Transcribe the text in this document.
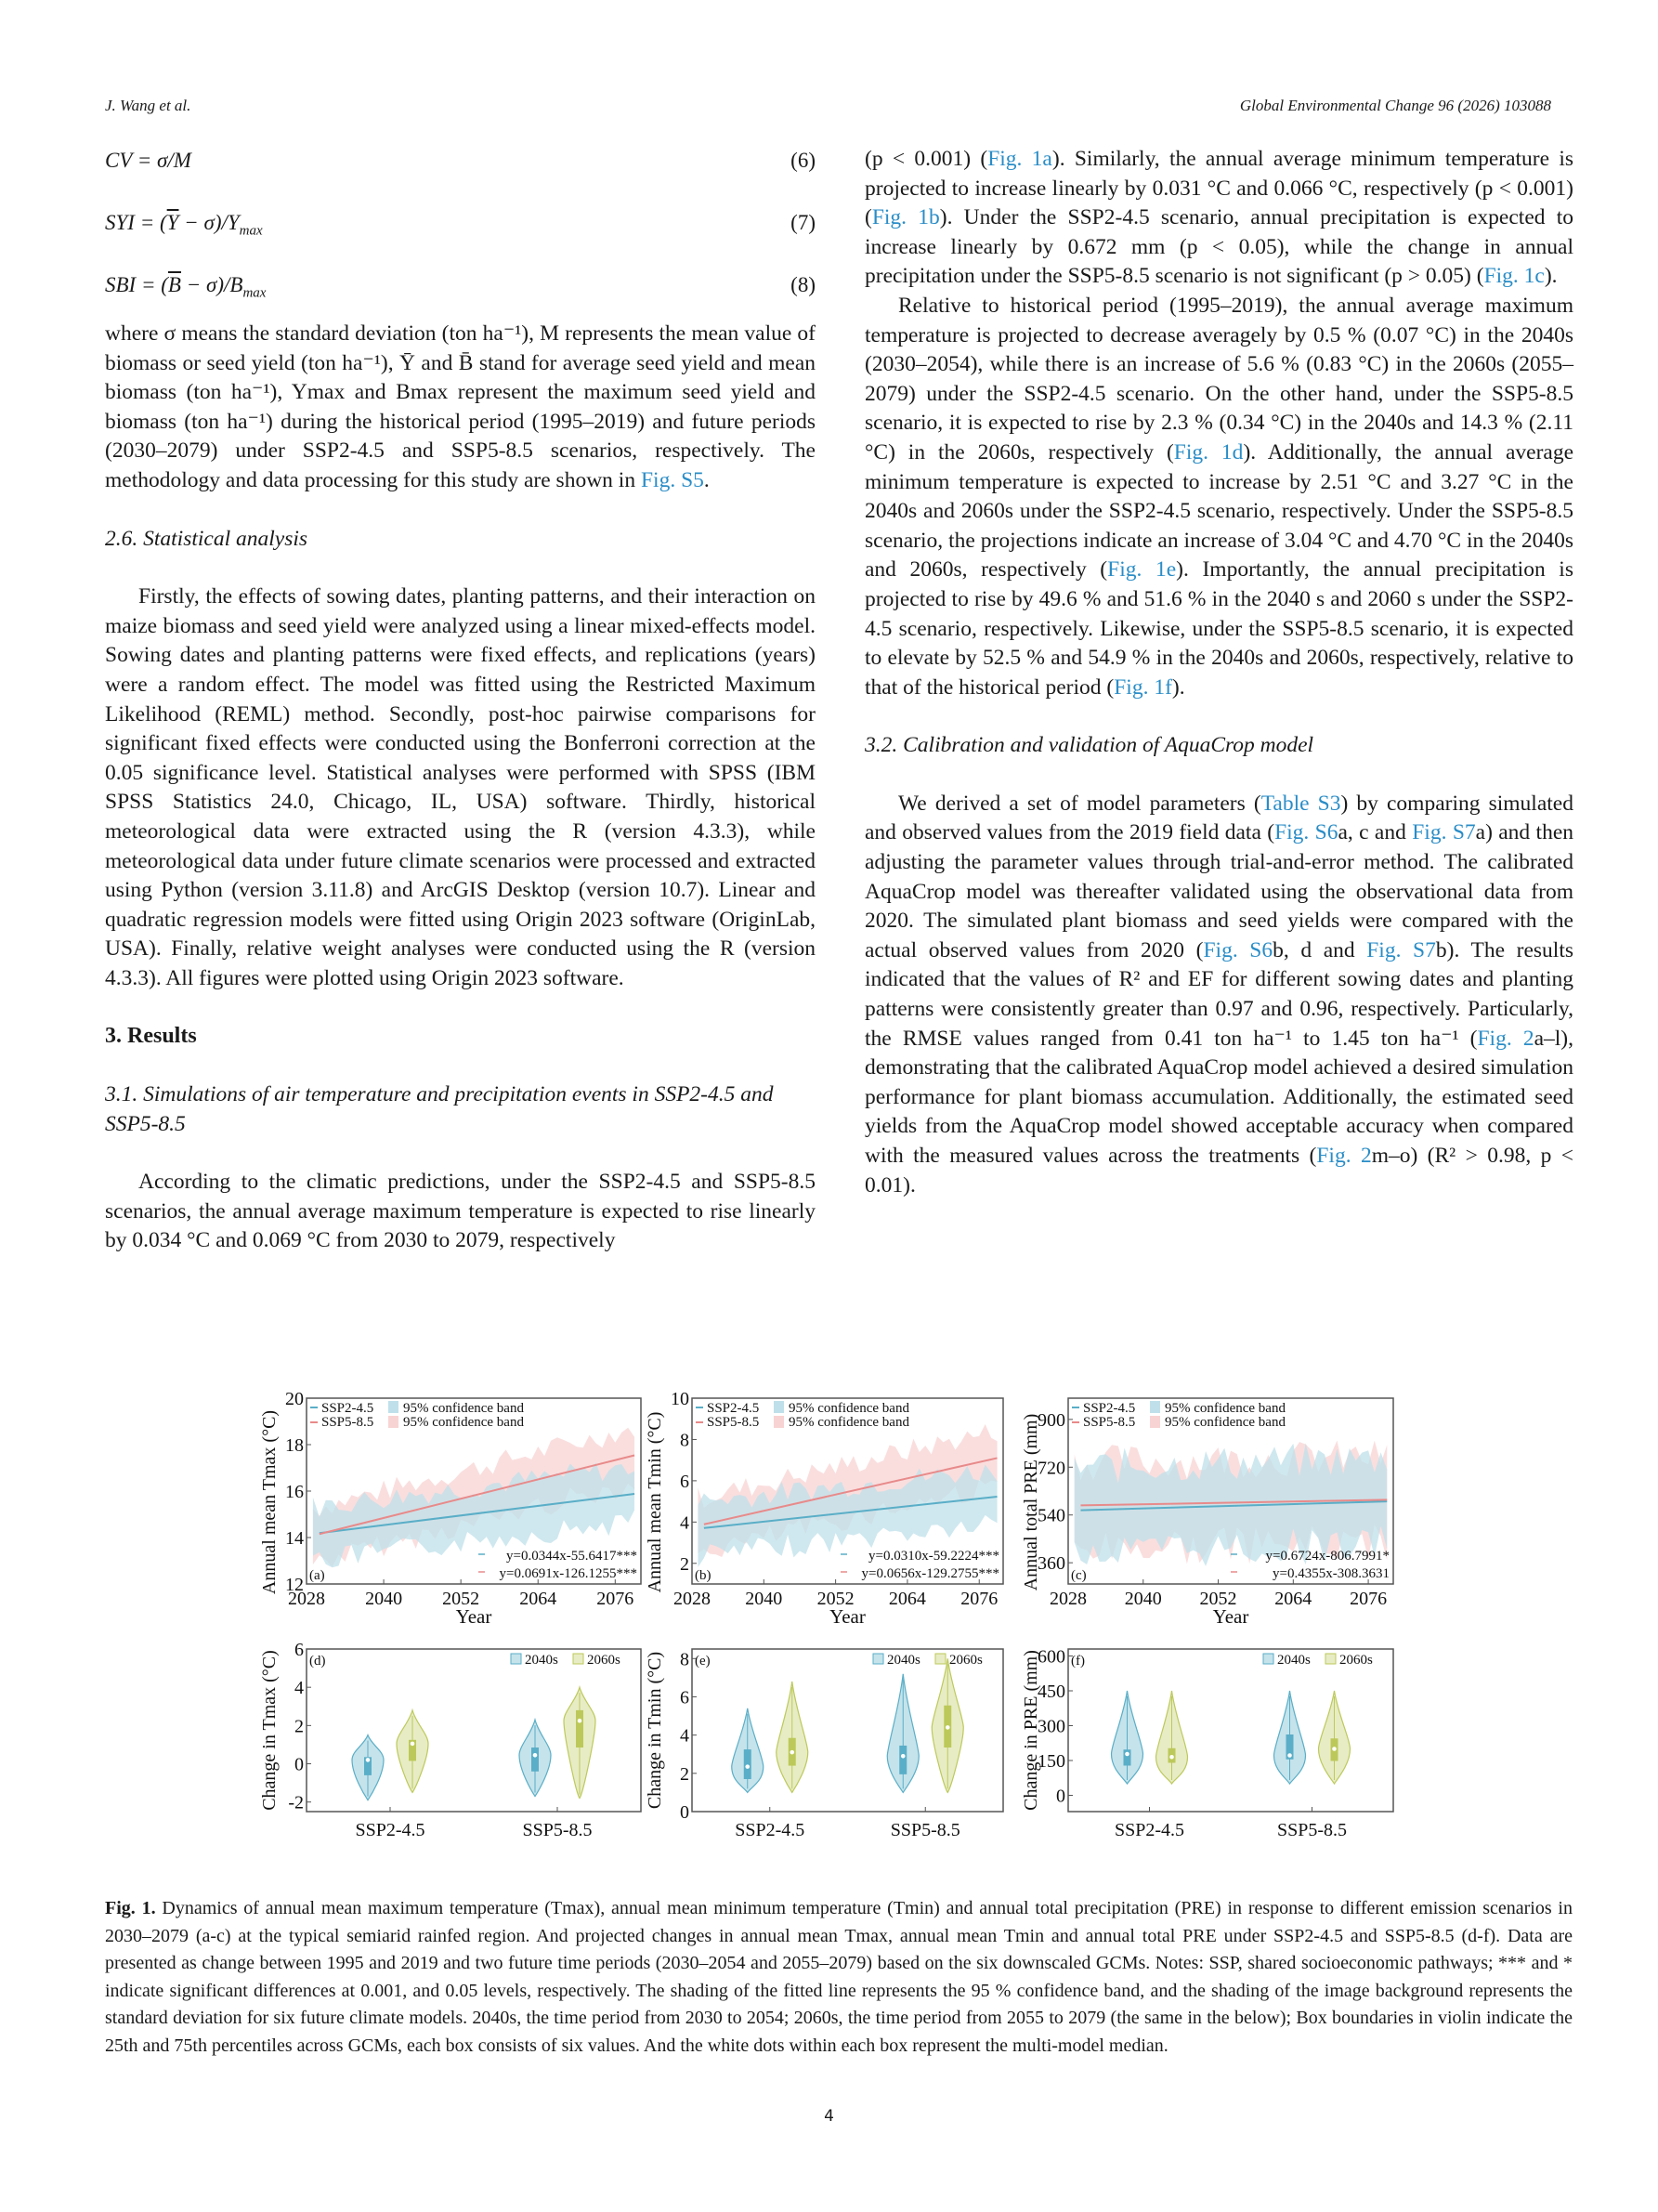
J. Wang et al.	Global Environmental Change 96 (2026) 103088
CV = σ/M	(6)
SYI = $(\overline{Y} - \sigma)/Y_{max}$	(7)
SBI = $(\overline{B} - \sigma)/B_{max}$	(8)

where σ means the standard deviation (ton ha⁻¹), M represents the mean value of biomass or seed yield (ton ha⁻¹), Ȳ and B̄ stand for average seed yield and mean biomass (ton ha⁻¹), Ymax and Bmax represent the maximum seed yield and biomass (ton ha⁻¹) during the historical period (1995–2019) and future periods (2030–2079) under SSP2-4.5 and SSP5-8.5 scenarios, respectively. The methodology and data processing for this study are shown in Fig. S5.

2.6. Statistical analysis

Firstly, the effects of sowing dates, planting patterns, and their interaction on maize biomass and seed yield were analyzed using a linear mixed-effects model. Sowing dates and planting patterns were fixed effects, and replications (years) were a random effect. The model was fitted using the Restricted Maximum Likelihood (REML) method. Secondly, post-hoc pairwise comparisons for significant fixed effects were conducted using the Bonferroni correction at the 0.05 significance level. Statistical analyses were performed with SPSS (IBM SPSS Statistics 24.0, Chicago, IL, USA) software. Thirdly, historical meteorological data were extracted using the R (version 4.3.3), while meteorological data under future climate scenarios were processed and extracted using Python (version 3.11.8) and ArcGIS Desktop (version 10.7). Linear and quadratic regression models were fitted using Origin 2023 software (OriginLab, USA). Finally, relative weight analyses were conducted using the R (version 4.3.3). All figures were plotted using Origin 2023 software.

3. Results

3.1. Simulations of air temperature and precipitation events in SSP2-4.5 and SSP5-8.5

According to the climatic predictions, under the SSP2-4.5 and SSP5-8.5 scenarios, the annual average maximum temperature is expected to rise linearly by 0.034 °C and 0.069 °C from 2030 to 2079, respectively

(p < 0.001) (Fig. 1a). Similarly, the annual average minimum temperature is projected to increase linearly by 0.031 °C and 0.066 °C, respectively (p < 0.001) (Fig. 1b). Under the SSP2-4.5 scenario, annual precipitation is expected to increase linearly by 0.672 mm (p < 0.05), while the change in annual precipitation under the SSP5-8.5 scenario is not significant (p > 0.05) (Fig. 1c).

Relative to historical period (1995–2019), the annual average maximum temperature is projected to decrease averagely by 0.5 % (0.07 °C) in the 2040s (2030–2054), while there is an increase of 5.6 % (0.83 °C) in the 2060s (2055–2079) under the SSP2-4.5 scenario. On the other hand, under the SSP5-8.5 scenario, it is expected to rise by 2.3 % (0.34 °C) in the 2040s and 14.3 % (2.11 °C) in the 2060s, respectively (Fig. 1d). Additionally, the annual average minimum temperature is expected to increase by 2.51 °C and 3.27 °C in the 2040s and 2060s under the SSP2-4.5 scenario, respectively. Under the SSP5-8.5 scenario, the projections indicate an increase of 3.04 °C and 4.70 °C in the 2040s and 2060s, respectively (Fig. 1e). Importantly, the annual precipitation is projected to rise by 49.6 % and 51.6 % in the 2040 s and 2060 s under the SSP2-4.5 scenario, respectively. Likewise, under the SSP5-8.5 scenario, it is expected to elevate by 52.5 % and 54.9 % in the 2040s and 2060s, respectively, relative to that of the historical period (Fig. 1f).

3.2. Calibration and validation of AquaCrop model

We derived a set of model parameters (Table S3) by comparing simulated and observed values from the 2019 field data (Fig. S6a, c and Fig. S7a) and then adjusting the parameter values through trial-and-error method. The calibrated AquaCrop model was thereafter validated using the observational data from 2020. The simulated plant biomass and seed yields were compared with the actual observed values from 2020 (Fig. S6b, d and Fig. S7b). The results indicated that the values of R² and EF for different sowing dates and planting patterns were consistently greater than 0.97 and 0.96, respectively. Particularly, the RMSE values ranged from 0.41 ton ha⁻¹ to 1.45 ton ha⁻¹ (Fig. 2a–l), demonstrating that the calibrated AquaCrop model achieved a desired simulation performance for plant biomass accumulation. Additionally, the estimated seed yields from the AquaCrop model showed acceptable accuracy when compared with the measured values across the treatments (Fig. 2m–o) (R² > 0.98, p < 0.01).

12
14
16
18
20
2028 2040 2052 2064 2076
Year
Annual mean Tmax (°C)
SSP2-4.5 95% confidence band
SSP5-8.5 95% confidence band
y=0.0344x-55.6417***
y=0.0691x-126.1255***
(a)
2
4
6
8
10
2028 2040 2052 2064 2076
Year
Annual mean Tmin (°C)
SSP2-4.5 95% confidence band
SSP5-8.5 95% confidence band
y=0.0310x-59.2224***
y=0.0656x-129.2755***
(b)
360
540
720
900
2028 2040 2052 2064 2076
Year
Annual total PRE (mm)
SSP2-4.5 95% confidence band
SSP5-8.5 95% confidence band
y=0.6724x-806.7991*
y=0.4355x-308.3631
(c)
-2
0
2
4
6
SSP2-4.5	SSP5-8.5
Change in Tmax (°C) (d)	2040s 2060s
0
2
4
6
8
SSP2-4.5	SSP5-8.5
Change in Tmin (°C) (e)	2040s 2060s
0
150
300
450
600
SSP2-4.5	SSP5-8.5
Change in PRE (mm) (f)	2040s 2060s
Fig. 1. Dynamics of annual mean maximum temperature (Tmax), annual mean minimum temperature (Tmin) and annual total precipitation (PRE) in response to different emission scenarios in 2030–2079 (a-c) at the typical semiarid rainfed region. And projected changes in annual mean Tmax, annual mean Tmin and annual total PRE under SSP2-4.5 and SSP5-8.5 (d-f). Data are presented as change between 1995 and 2019 and two future time periods (2030–2054 and 2055–2079) based on the six downscaled GCMs. Notes: SSP, shared socioeconomic pathways; *** and * indicate significant differences at 0.001, and 0.05 levels, respectively. The shading of the fitted line represents the 95 % confidence band, and the shading of the image background represents the standard deviation for six future climate models. 2040s, the time period from 2030 to 2054; 2060s, the time period from 2055 to 2079 (the same in the below); Box boundaries in violin indicate the 25th and 75th percentiles across GCMs, each box consists of six values. And the white dots within each box represent the multi-model median.
4
